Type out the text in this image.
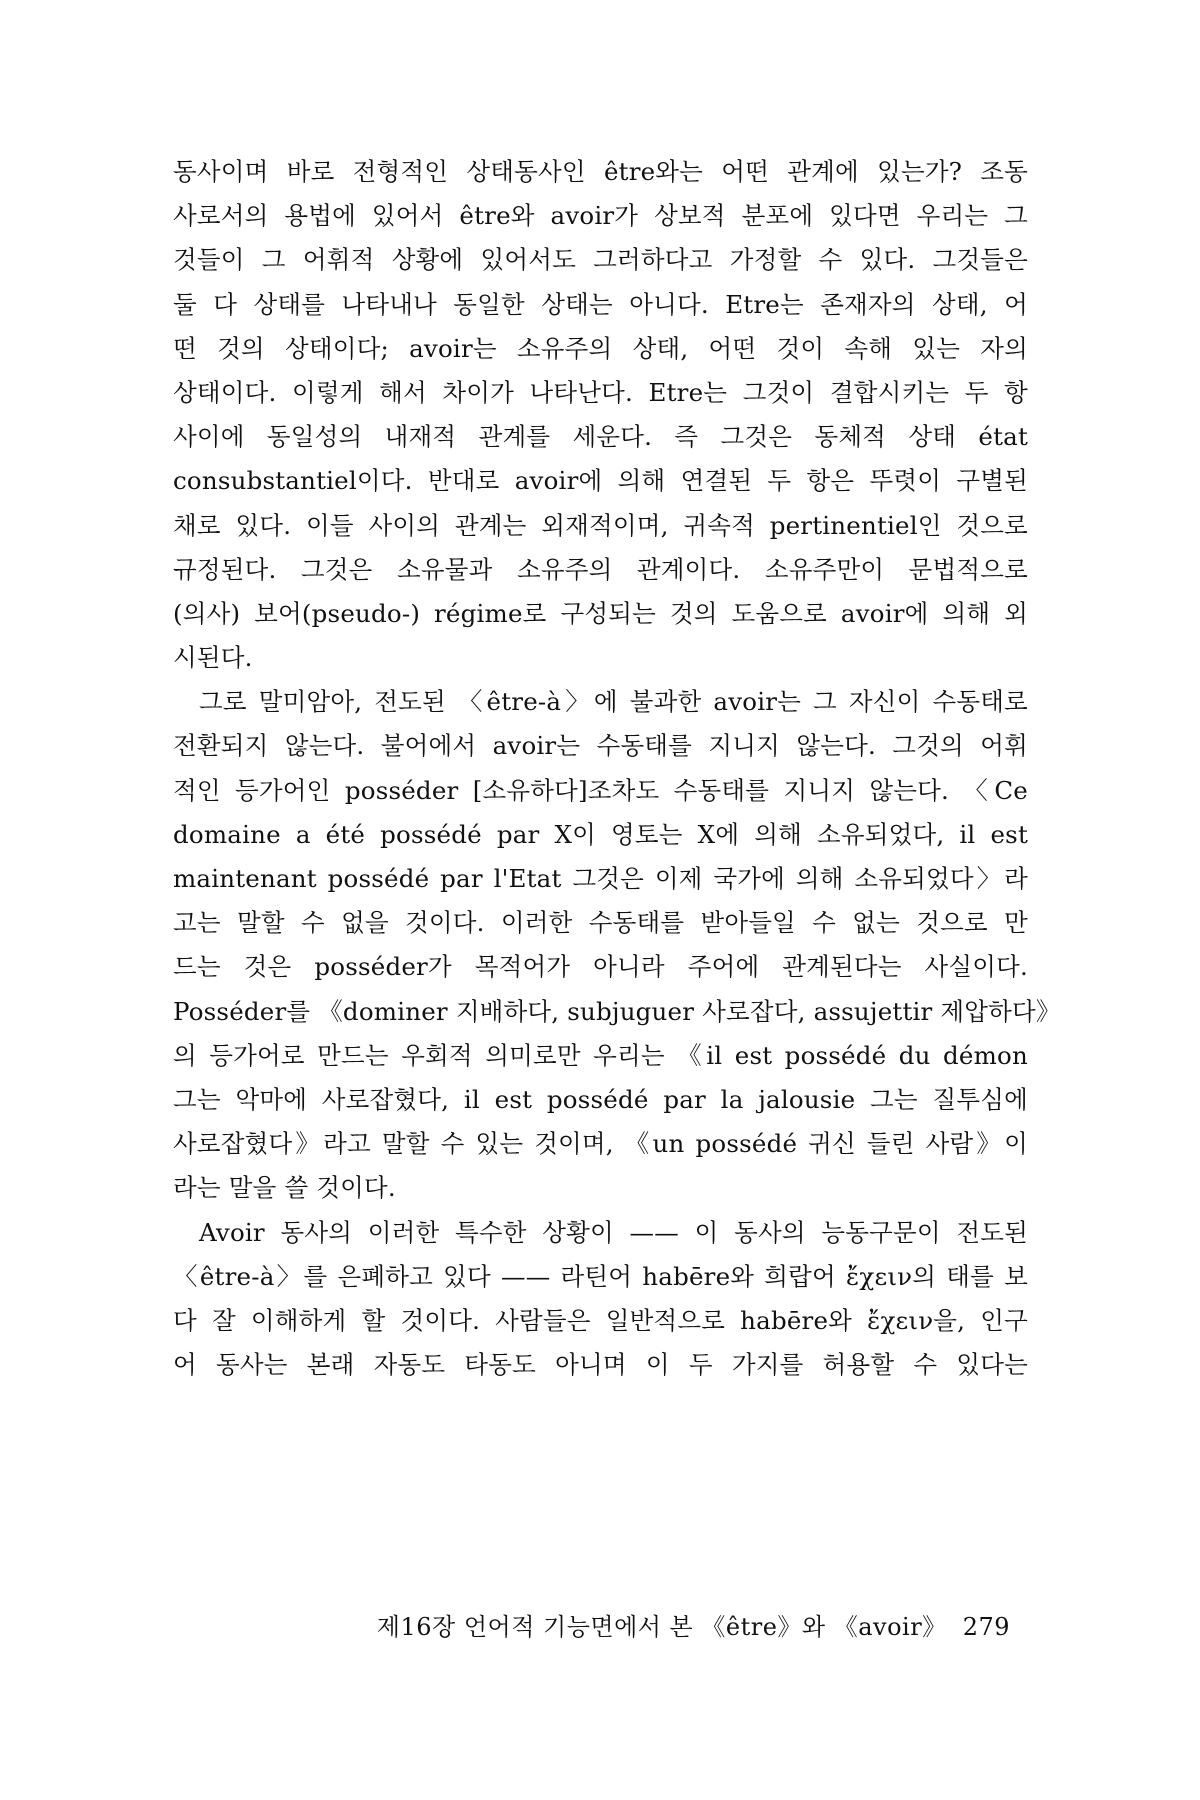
동사이며 바로 전형적인 상태동사인 être와는 어떤 관계에 있는가? 조동
사로서의 용법에 있어서 être와 avoir가 상보적 분포에 있다면 우리는 그
것들이 그 어휘적 상황에 있어서도 그러하다고 가정할 수 있다. 그것들은
둘 다 상태를 나타내나 동일한 상태는 아니다. Etre는 존재자의 상태, 어
떤 것의 상태이다; avoir는 소유주의 상태, 어떤 것이 속해 있는 자의
상태이다. 이렇게 해서 차이가 나타난다. Etre는 그것이 결합시키는 두 항
사이에 동일성의 내재적 관계를 세운다. 즉 그것은 동체적 상태 état
consubstantiel이다. 반대로 avoir에 의해 연결된 두 항은 뚜렷이 구별된
채로 있다. 이들 사이의 관계는 외재적이며, 귀속적 pertinentiel인 것으로
규정된다. 그것은 소유물과 소유주의 관계이다. 소유주만이 문법적으로
(의사) 보어(pseudo-) régime로 구성되는 것의 도움으로 avoir에 의해 외
시된다.
그로 말미암아, 전도된 〈être-à〉에 불과한 avoir는 그 자신이 수동태로
전환되지 않는다. 불어에서 avoir는 수동태를 지니지 않는다. 그것의 어휘
적인 등가어인 posséder [소유하다]조차도 수동태를 지니지 않는다. 〈Ce
domaine a été possédé par X이 영토는 X에 의해 소유되었다, il est
maintenant possédé par l'Etat 그것은 이제 국가에 의해 소유되었다〉라
고는 말할 수 없을 것이다. 이러한 수동태를 받아들일 수 없는 것으로 만
드는 것은 posséder가 목적어가 아니라 주어에 관계된다는 사실이다.
Posséder를 《dominer 지배하다, subjuguer 사로잡다, assujettir 제압하다》
의 등가어로 만드는 우회적 의미로만 우리는 《il est possédé du démon
그는 악마에 사로잡혔다, il est possédé par la jalousie 그는 질투심에
사로잡혔다》라고 말할 수 있는 것이며, 《un possédé 귀신 들린 사람》이
라는 말을 쓸 것이다.
Avoir 동사의 이러한 특수한 상황이 —— 이 동사의 능동구문이 전도된
〈être-à〉를 은폐하고 있다 —— 라틴어 habēre와 희랍어 ἔχειν의 태를 보
다 잘 이해하게 할 것이다. 사람들은 일반적으로 habēre와 ἔχειν을, 인구
어 동사는 본래 자동도 타동도 아니며 이 두 가지를 허용할 수 있다는
제16장 언어적 기능면에서 본 《être》와 《avoir》 279
